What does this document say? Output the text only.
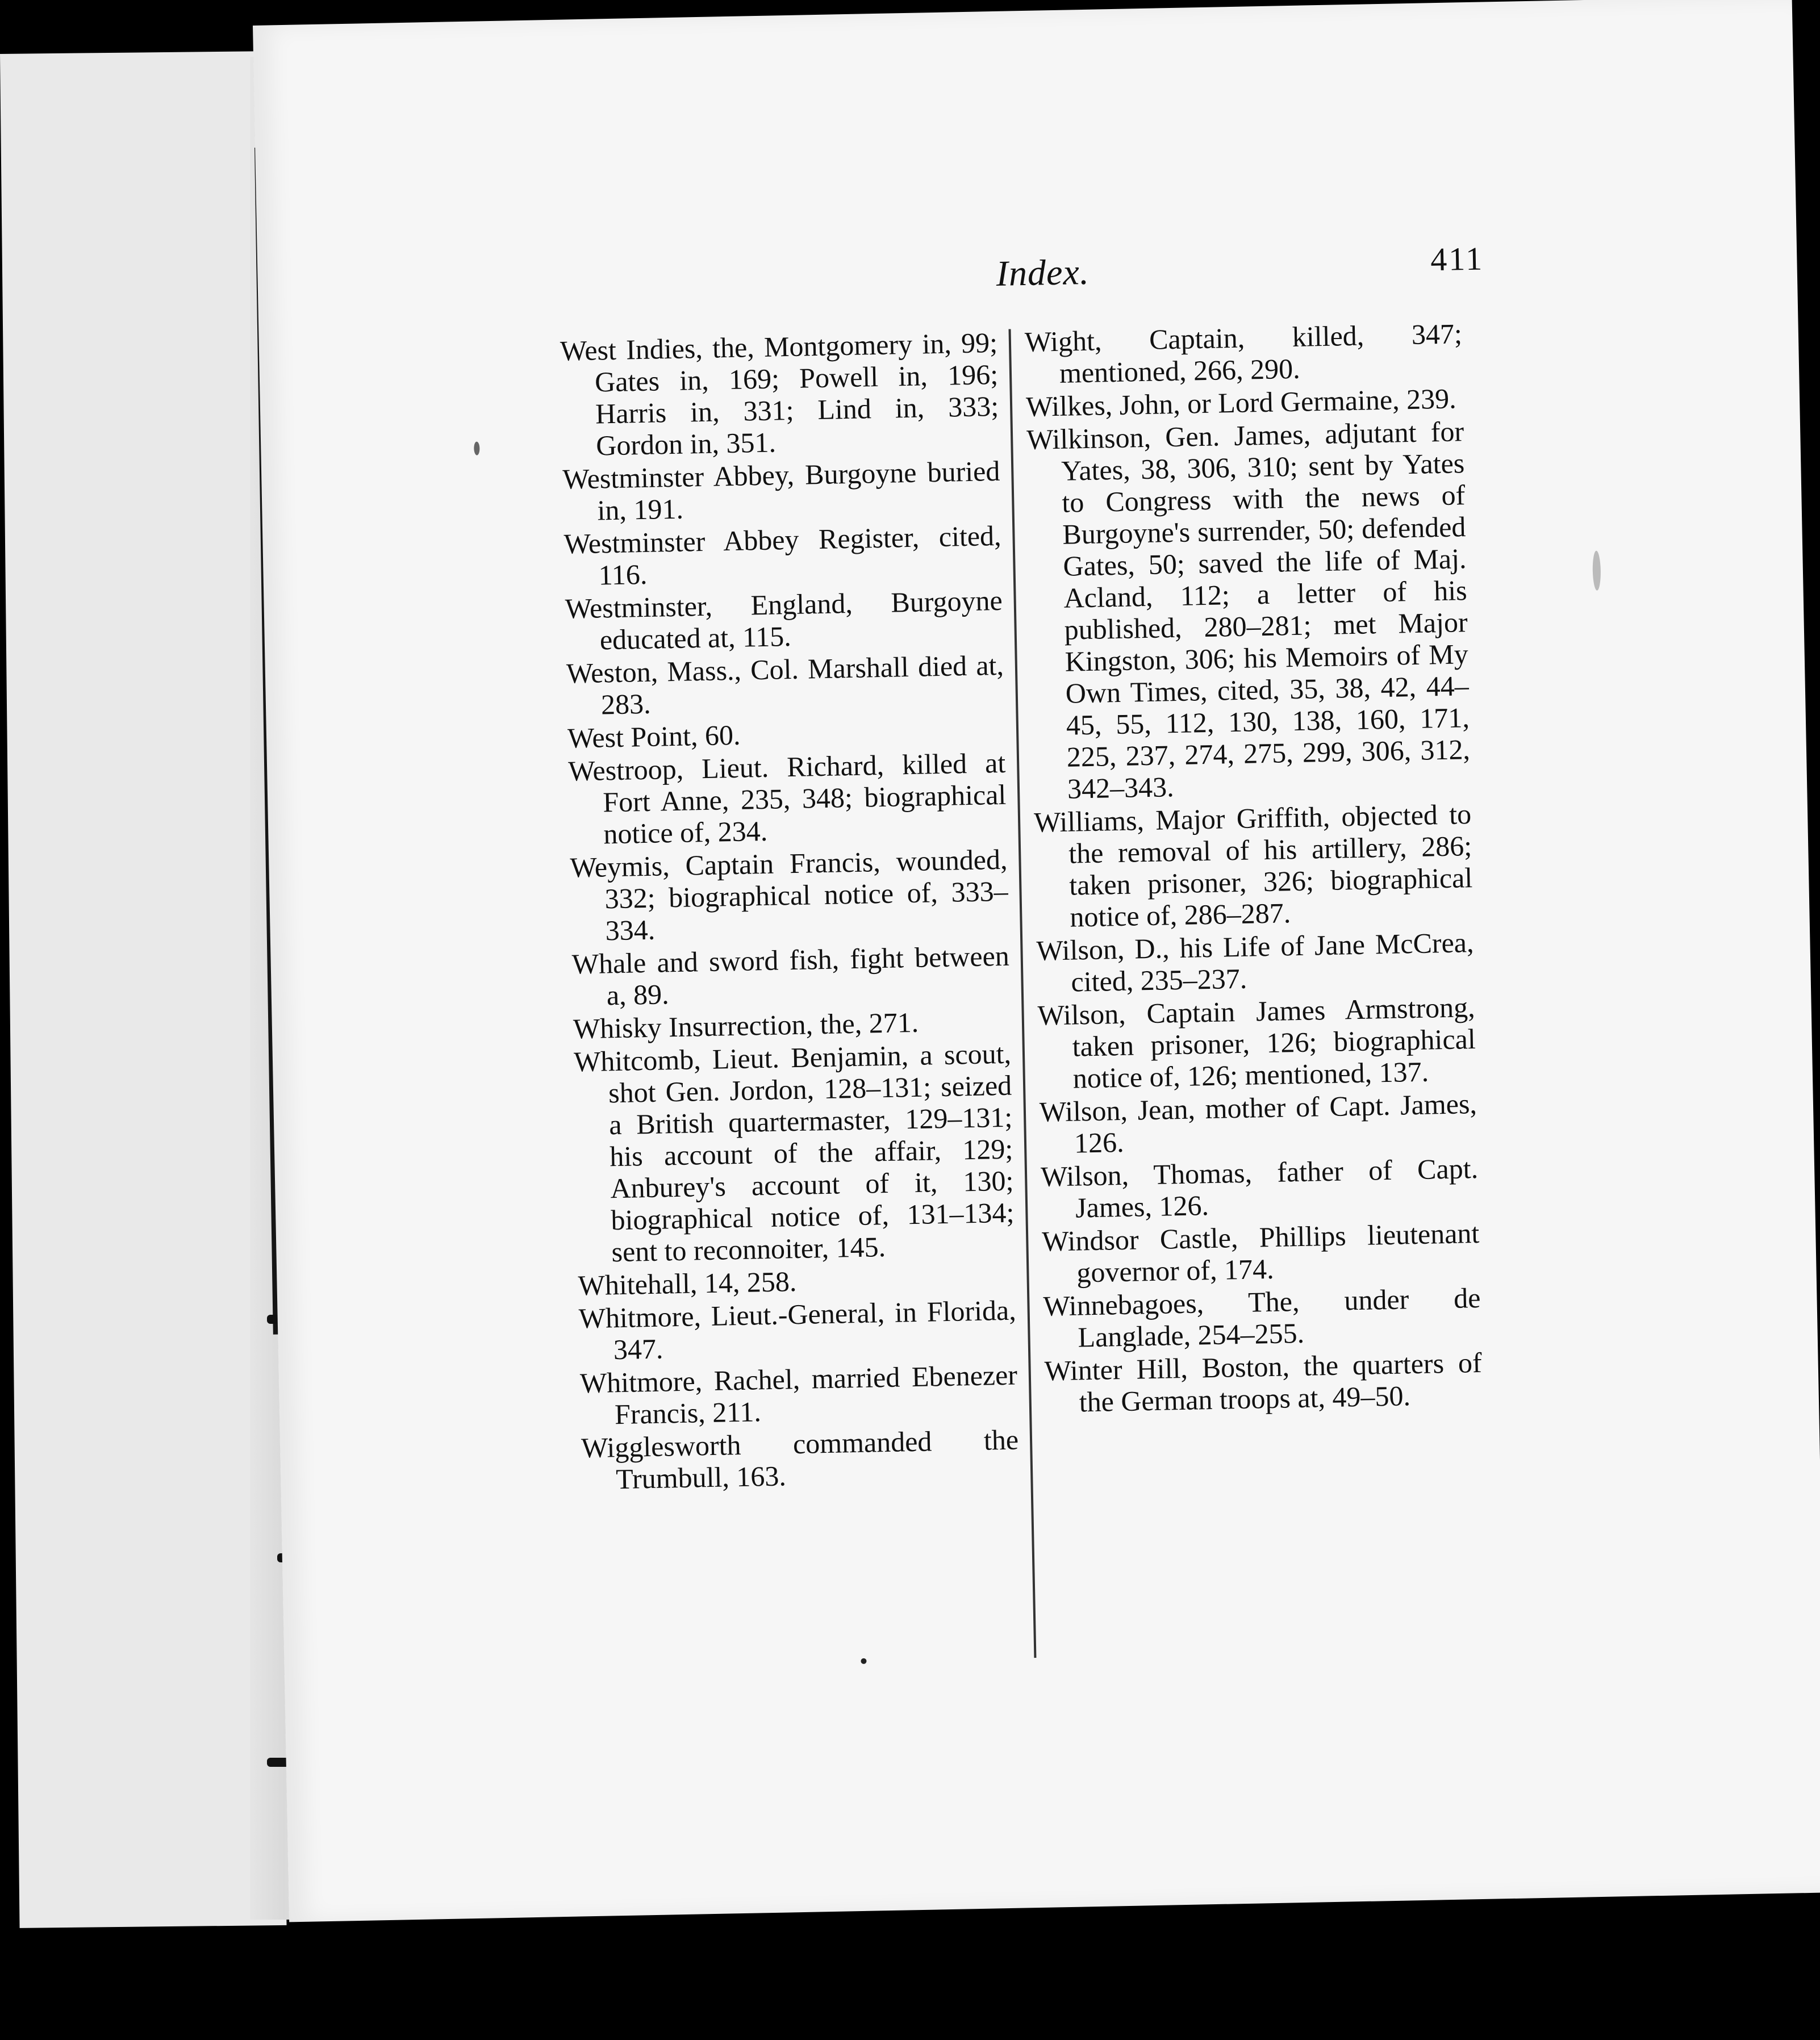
Index.	411

West Indies, the, Montgomery in, 99; Gates in, 169; Powell in, 196; Harris in, 331; Lind in, 333; Gordon in, 351.

Westminster Abbey, Burgoyne buried in, 191.

Westminster Abbey Register, cited, 116.

Westminster, England, Burgoyne educated at, 115.

Weston, Mass., Col. Marshall died at, 283.

West Point, 60.

Westroop, Lieut. Richard, killed at Fort Anne, 235, 348; biographical notice of, 234.

Weymis, Captain Francis, wounded, 332; biographical notice of, 333–334.

Whale and sword fish, fight between a, 89.

Whisky Insurrection, the, 271.

Whitcomb, Lieut. Benjamin, a scout, shot Gen. Jordon, 128–131; seized a British quartermaster, 129–131; his account of the affair, 129; Anburey's account of it, 130; biographical notice of, 131–134; sent to reconnoiter, 145.

Whitehall, 14, 258.

Whitmore, Lieut.-General, in Florida, 347.

Whitmore, Rachel, married Ebenezer Francis, 211.

Wigglesworth commanded the Trumbull, 163.

Wight, Captain, killed, 347; mentioned, 266, 290.

Wilkes, John, or Lord Germaine, 239.

Wilkinson, Gen. James, adjutant for Yates, 38, 306, 310; sent by Yates to Congress with the news of Burgoyne's surrender, 50; defended Gates, 50; saved the life of Maj. Acland, 112; a letter of his published, 280–281; met Major Kingston, 306; his Memoirs of My Own Times, cited, 35, 38, 42, 44–45, 55, 112, 130, 138, 160, 171, 225, 237, 274, 275, 299, 306, 312, 342–343.

Williams, Major Griffith, objected to the removal of his artillery, 286; taken prisoner, 326; biographical notice of, 286–287.

Wilson, D., his Life of Jane McCrea, cited, 235–237.

Wilson, Captain James Armstrong, taken prisoner, 126; biographical notice of, 126; mentioned, 137.

Wilson, Jean, mother of Capt. James, 126.

Wilson, Thomas, father of Capt. James, 126.

Windsor Castle, Phillips lieutenant governor of, 174.

Winnebagoes, The, under de Langlade, 254–255.

Winter Hill, Boston, the quarters of the German troops at, 49–50.
